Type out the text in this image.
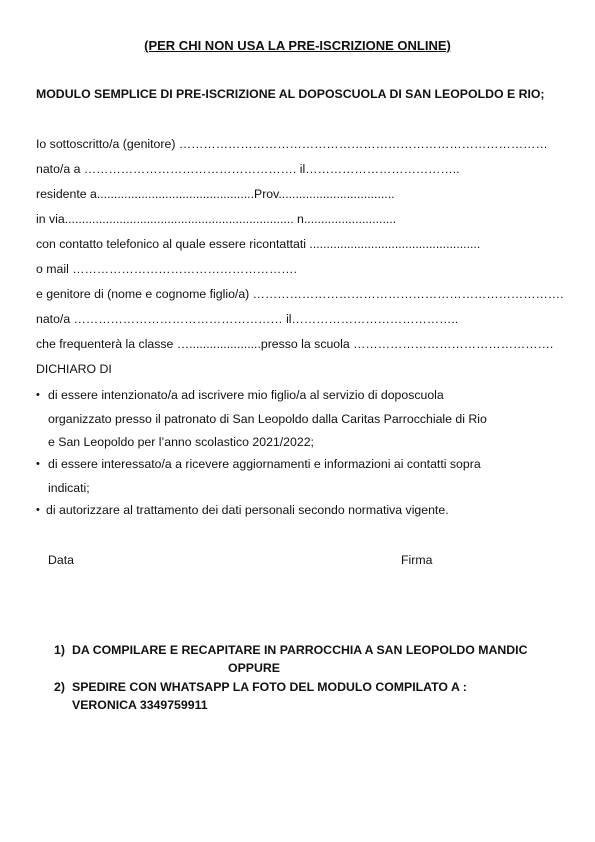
(PER CHI NON USA LA PRE-ISCRIZIONE ONLINE)
MODULO SEMPLICE DI PRE-ISCRIZIONE AL DOPOSCUOLA DI SAN LEOPOLDO E RIO;
Io sottoscritto/a (genitore) ………………………………………………………………………………
nato/a a ……………………………………………. il………………………………..
residente a..............................................Prov..................................
in via................................................................... n...........................
con contatto telefonico al quale essere ricontattati ..................................................
o mail ……………………………………………….
e genitore di (nome e cognome figlio/a) ………………………………………………………………….
nato/a …………………………………………… il…………………………………..
che frequenterà la classe ….....................presso la scuola ………………………………………….
DICHIARO DI
• di essere intenzionato/a ad iscrivere mio figlio/a al servizio di doposcuola
organizzato presso il patronato di San Leopoldo dalla Caritas Parrocchiale di Rio
e San Leopoldo per l’anno scolastico 2021/2022;
• di essere interessato/a a ricevere aggiornamenti e informazioni ai contatti sopra
indicati;
• di autorizzare al trattamento dei dati personali secondo normativa vigente.
Data	Firma
1) DA COMPILARE E RECAPITARE IN PARROCCHIA A SAN LEOPOLDO MANDIC
OPPURE
2) SPEDIRE CON WHATSAPP LA FOTO DEL MODULO COMPILATO A :
VERONICA 3349759911
